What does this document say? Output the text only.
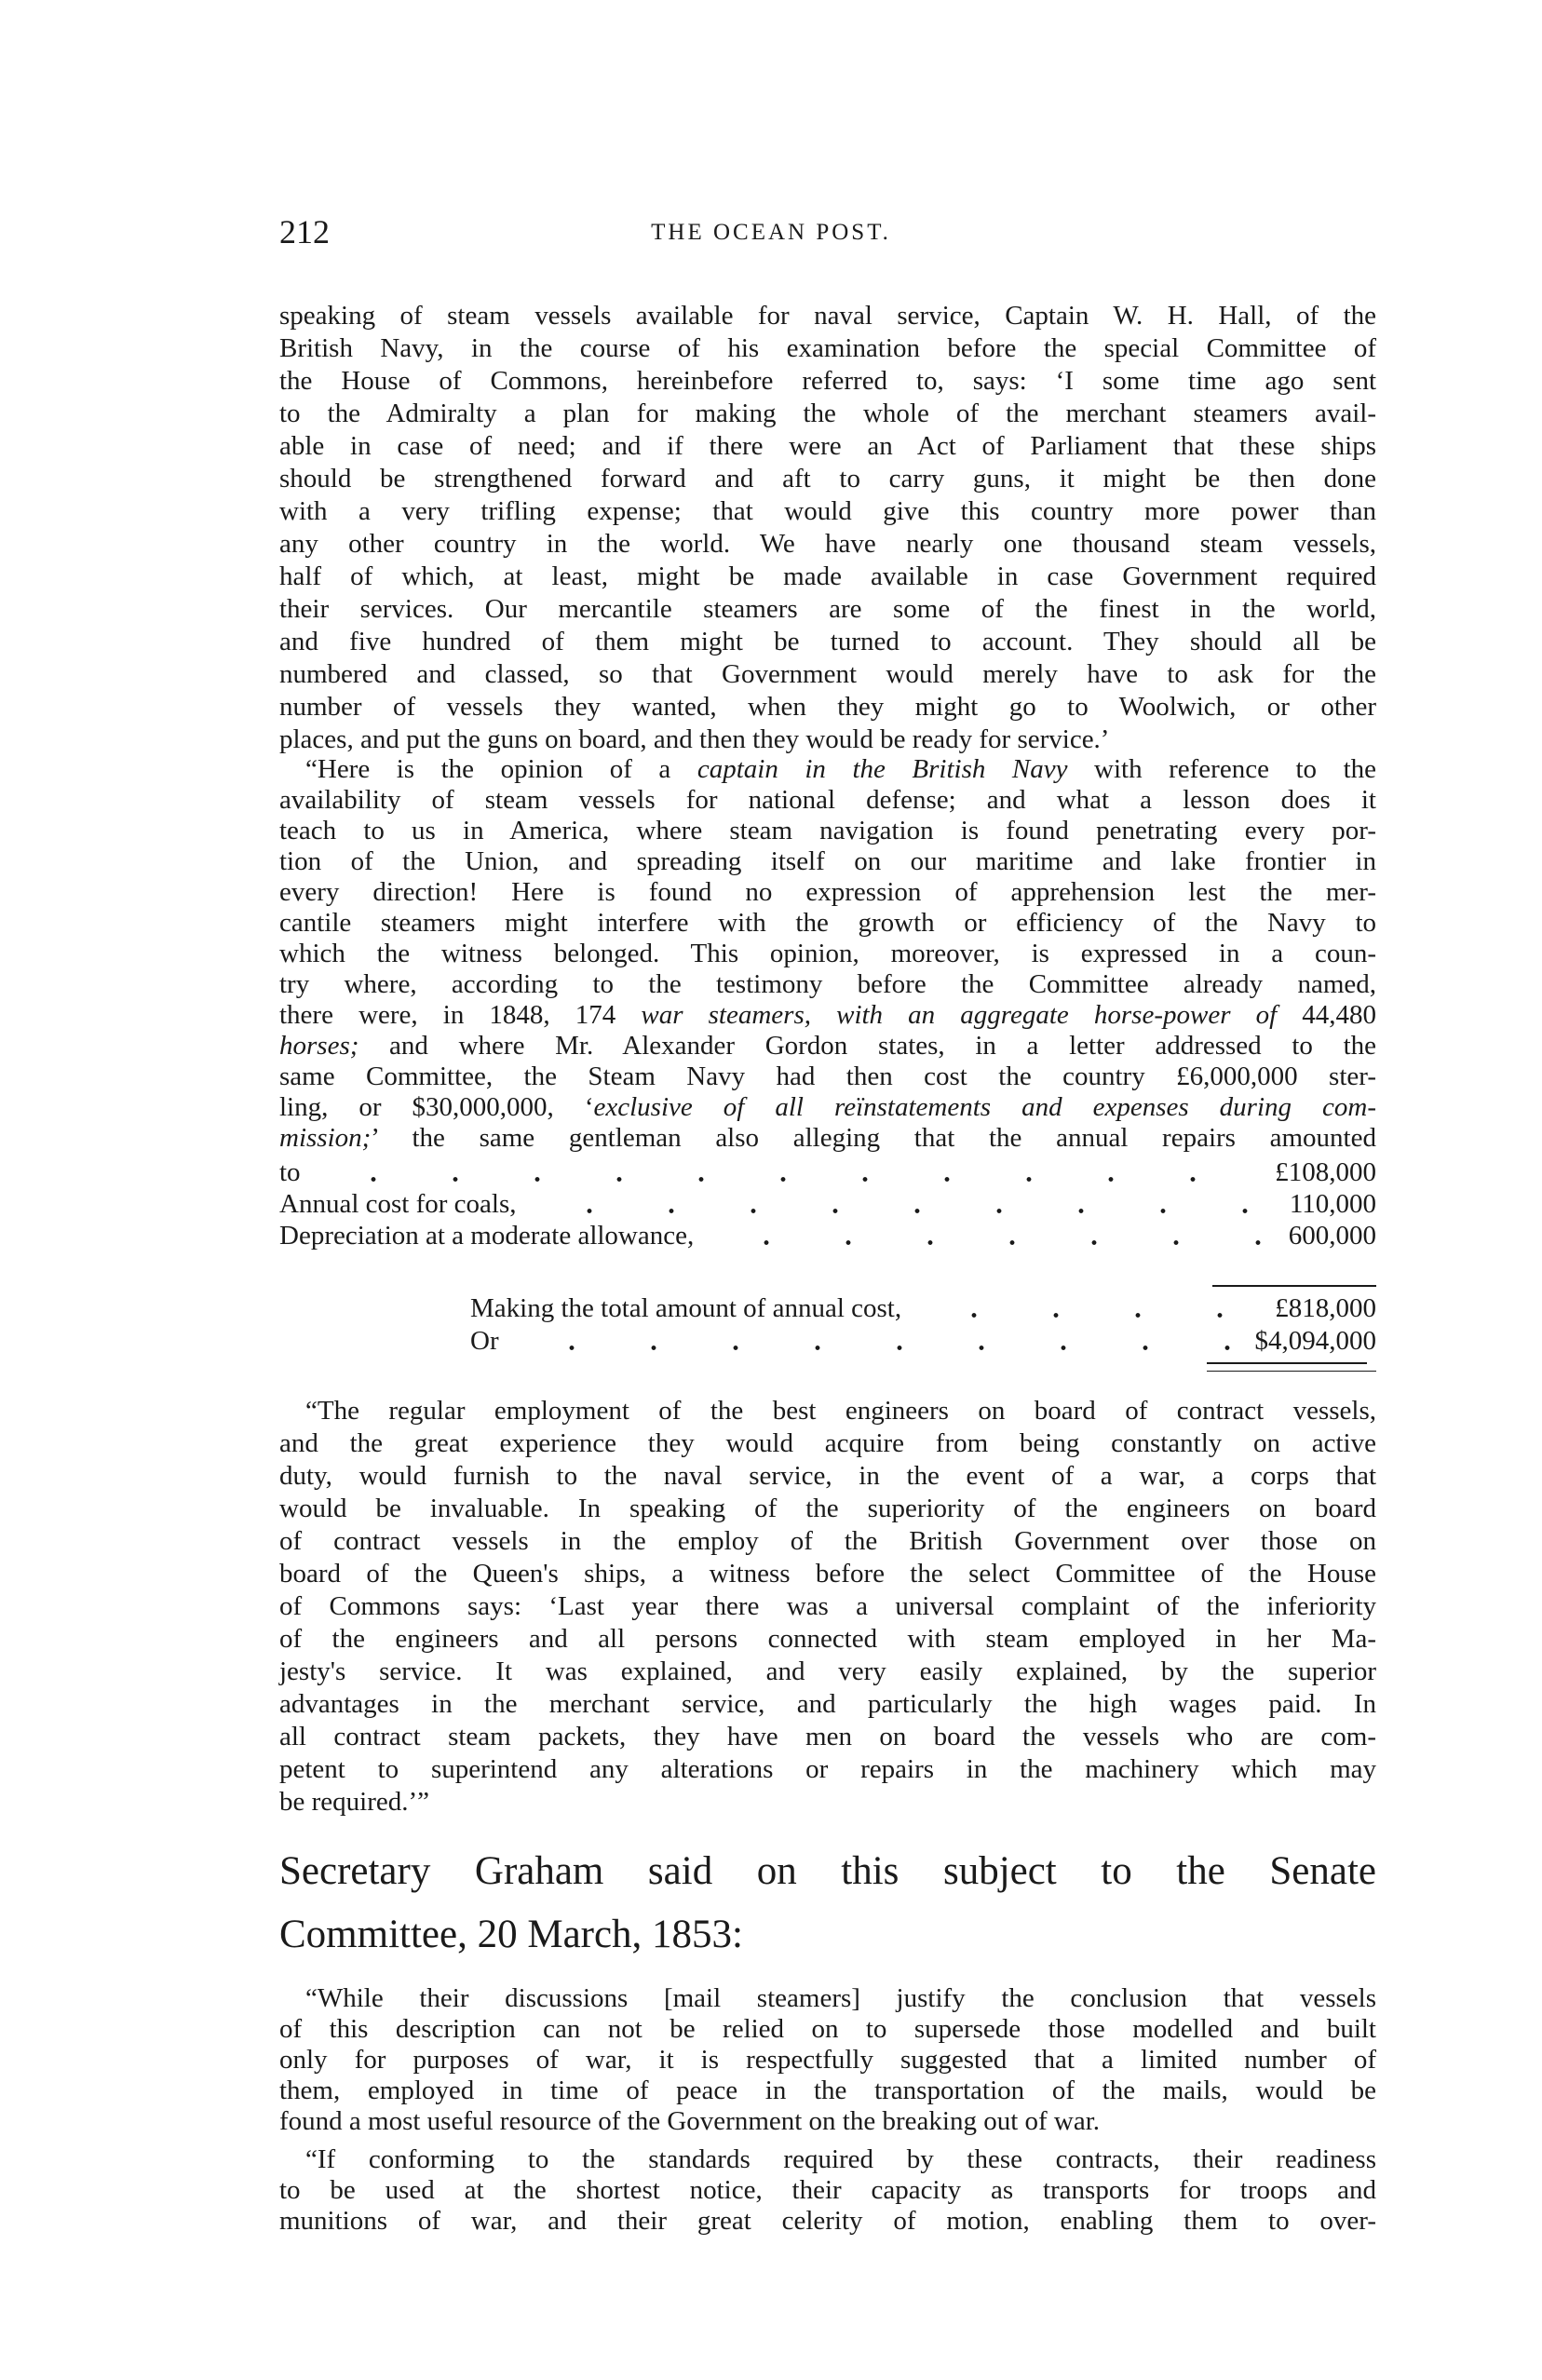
212	THE OCEAN POST.
speaking of steam vessels available for naval service, Captain W. H. Hall, of the
British Navy, in the course of his examination before the special Committee of
the House of Commons, hereinbefore referred to, says: ‘I some time ago sent
to the Admiralty a plan for making the whole of the merchant steamers avail-
able in case of need; and if there were an Act of Parliament that these ships
should be strengthened forward and aft to carry guns, it might be then done
with a very trifling expense; that would give this country more power than
any other country in the world. We have nearly one thousand steam vessels,
half of which, at least, might be made available in case Government required
their services. Our mercantile steamers are some of the finest in the world,
and five hundred of them might be turned to account. They should all be
numbered and classed, so that Government would merely have to ask for the
number of vessels they wanted, when they might go to Woolwich, or other
places, and put the guns on board, and then they would be ready for service.’
“Here is the opinion of a captain in the British Navy with reference to the
availability of steam vessels for national defense; and what a lesson does it
teach to us in America, where steam navigation is found penetrating every por-
tion of the Union, and spreading itself on our maritime and lake frontier in
every direction! Here is found no expression of apprehension lest the mer-
cantile steamers might interfere with the growth or efficiency of the Navy to
which the witness belonged. This opinion, moreover, is expressed in a coun-
try where, according to the testimony before the Committee already named,
there were, in 1848, 174 war steamers, with an aggregate horse-power of 44,480
horses; and where Mr. Alexander Gordon states, in a letter addressed to the
same Committee, the Steam Navy had then cost the country £6,000,000 ster-
ling, or $30,000,000, ‘exclusive of all reïnstatements and expenses during com-
mission;’ the same gentleman also alleging that the annual repairs amounted
to	£108,000
Annual cost for coals,	110,000
Depreciation at a moderate allowance,	600,000
Making the total amount of annual cost,	£818,000
Or	$4,094,000
“The regular employment of the best engineers on board of contract vessels,
and the great experience they would acquire from being constantly on active
duty, would furnish to the naval service, in the event of a war, a corps that
would be invaluable. In speaking of the superiority of the engineers on board
of contract vessels in the employ of the British Government over those on
board of the Queen's ships, a witness before the select Committee of the House
of Commons says: ‘Last year there was a universal complaint of the inferiority
of the engineers and all persons connected with steam employed in her Ma-
jesty's service. It was explained, and very easily explained, by the superior
advantages in the merchant service, and particularly the high wages paid. In
all contract steam packets, they have men on board the vessels who are com-
petent to superintend any alterations or repairs in the machinery which may
be required.’”
Secretary Graham said on this subject to the Senate
Committee, 20 March, 1853:
“While their discussions [mail steamers] justify the conclusion that vessels
of this description can not be relied on to supersede those modelled and built
only for purposes of war, it is respectfully suggested that a limited number of
them, employed in time of peace in the transportation of the mails, would be
found a most useful resource of the Government on the breaking out of war.
“If conforming to the standards required by these contracts, their readiness
to be used at the shortest notice, their capacity as transports for troops and
munitions of war, and their great celerity of motion, enabling them to over-
